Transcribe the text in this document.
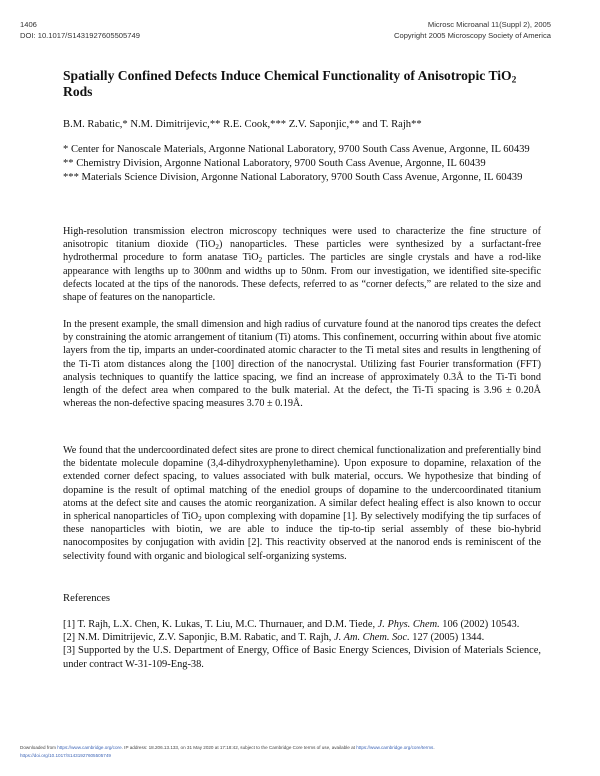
1406
DOI: 10.1017/S1431927605505749
Microsc Microanal 11(Suppl 2), 2005
Copyright 2005 Microscopy Society of America
Spatially Confined Defects Induce Chemical Functionality of Anisotropic TiO$_2$
Rods
B.M. Rabatic,* N.M. Dimitrijevic,** R.E. Cook,*** Z.V. Saponjic,** and T. Rajh**
* Center for Nanoscale Materials, Argonne National Laboratory, 9700 South Cass Avenue, Argonne, IL 60439
** Chemistry Division, Argonne National Laboratory, 9700 South Cass Avenue, Argonne, IL 60439
*** Materials Science Division, Argonne National Laboratory, 9700 South Cass Avenue, Argonne, IL 60439

High-resolution transmission electron microscopy techniques were used to characterize the fine structure of anisotropic titanium dioxide (TiO$_2$) nanoparticles. These particles were synthesized by a surfactant-free hydrothermal procedure to form anatase TiO$_2$ particles. The particles are single crystals and have a rod-like appearance with lengths up to 300nm and widths up to 50nm. From our investigation, we identified site-specific defects located at the tips of the nanorods. These defects, referred to as “corner defects,” are related to the size and shape of features on the nanoparticle.

In the present example, the small dimension and high radius of curvature found at the nanorod tips creates the defect by constraining the atomic arrangement of titanium (Ti) atoms. This confinement, occurring within about five atomic layers from the tip, imparts an under-coordinated atomic character to the Ti metal sites and results in lengthening of the Ti-Ti atom distances along the [100] direction of the nanocrystal. Utilizing fast Fourier transformation (FFT) analysis techniques to quantify the lattice spacing, we find an increase of approximately 0.3Å to the Ti-Ti bond length of the defect area when compared to the bulk material. At the defect, the Ti-Ti spacing is 3.96 ± 0.20Å whereas the non-defective spacing measures 3.70 ± 0.19Å.

We found that the undercoordinated defect sites are prone to direct chemical functionalization and preferentially bind the bidentate molecule dopamine (3,4-dihydroxyphenylethamine). Upon exposure to dopamine, relaxation of the extended corner defect spacing, to values associated with bulk material, occurs. We hypothesize that binding of dopamine is the result of optimal matching of the enediol groups of dopamine to the undercoordinated titanium atoms at the defect site and causes the atomic reorganization. A similar defect healing effect is also known to occur in spherical nanoparticles of TiO$_2$ upon complexing with dopamine [1]. By selectively modifying the tip surfaces of these nanoparticles with biotin, we are able to induce the tip-to-tip serial assembly of these bio-hybrid nanocomposites by conjugation with avidin [2]. This reactivity observed at the nanorod ends is reminiscent of the selectivity found with organic and biological self-organizing systems.

References
[1] T. Rajh, L.X. Chen, K. Lukas, T. Liu, M.C. Thurnauer, and D.M. Tiede, J. Phys. Chem. 106 (2002) 10543.
[2] N.M. Dimitrijevic, Z.V. Saponjic, B.M. Rabatic, and T. Rajh, J. Am. Chem. Soc. 127 (2005) 1344.
[3] Supported by the U.S. Department of Energy, Office of Basic Energy Sciences, Division of Materials Science, under contract W-31-109-Eng-38.
Downloaded from https://www.cambridge.org/core. IP address: 18.206.13.133, on 31 May 2020 at 17:18:42, subject to the Cambridge Core terms of use, available at https://www.cambridge.org/core/terms.
https://doi.org/10.1017/S1431927605505749
